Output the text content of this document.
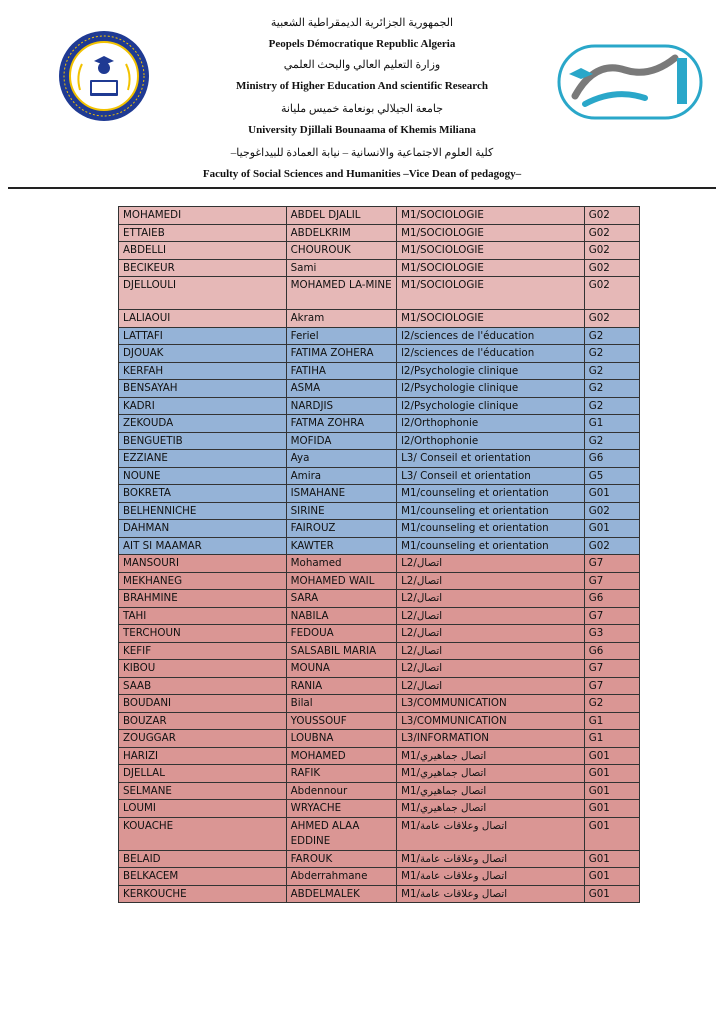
الجمهورية الجزائرية الديمقراطية الشعبية
Peopels Démocratique Republic Algeria
وزارة التعليم العالي والبحث العلمي
Ministry of Higher Education And scientific Research
جامعة الجيلالي بونعامة خميس مليانة
University Djillali Bounaama of Khemis Miliana
كلية العلوم الاجتماعية والانسانية – نيابة العمادة للبيداغوجيا–
Faculty of Social Sciences and Humanities –Vice Dean of pedagogy–
MOHAMEDI	ABDEL DJALIL	M1/SOCIOLOGIE	G02
ETTAIEB	ABDELKRIM	M1/SOCIOLOGIE	G02
ABDELLI	CHOUROUK	M1/SOCIOLOGIE	G02
BECIKEUR	Sami	M1/SOCIOLOGIE	G02
DJELLOULI	MOHAMED LA-MINE	M1/SOCIOLOGIE	G02
LALIAOUI	Akram	M1/SOCIOLOGIE	G02
LATTAFI	Feriel	l2/sciences de l'éducation	G2
DJOUAK	FATIMA ZOHERA	l2/sciences de l'éducation	G2
KERFAH	FATIHA	l2/Psychologie clinique	G2
BENSAYAH	ASMA	l2/Psychologie clinique	G2
KADRI	NARDJIS	l2/Psychologie clinique	G2
ZEKOUDA	FATMA ZOHRA	l2/Orthophonie	G1
BENGUETIB	MOFIDA	l2/Orthophonie	G2
EZZIANE	Aya	L3/ Conseil et orientation	G6
NOUNE	Amira	L3/ Conseil et orientation	G5
BOKRETA	ISMAHANE	M1/counseling et orientation	G01
BELHENNICHE	SIRINE	M1/counseling et orientation	G02
DAHMAN	FAIROUZ	M1/counseling et orientation	G01
AIT SI MAAMAR	KAWTER	M1/counseling et orientation	G02
MANSOURI	Mohamed	L2/اتصال	G7
MEKHANEG	MOHAMED WAIL	L2/اتصال	G7
BRAHMINE	SARA	L2/اتصال	G6
TAHI	NABILA	L2/اتصال	G7
TERCHOUN	FEDOUA	L2/اتصال	G3
KEFIF	SALSABIL MARIA	L2/اتصال	G6
KIBOU	MOUNA	L2/اتصال	G7
SAAB	RANIA	L2/اتصال	G7
BOUDANI	Bilal	L3/COMMUNICATION	G2
BOUZAR	YOUSSOUF	L3/COMMUNICATION	G1
ZOUGGAR	LOUBNA	L3/INFORMATION	G1
HARIZI	MOHAMED	M1/اتصال جماهيري	G01
DJELLAL	RAFIK	M1/اتصال جماهيري	G01
SELMANE	Abdennour	M1/اتصال جماهيري	G01
LOUMI	WRYACHE	M1/اتصال جماهيري	G01
KOUACHE	AHMED ALAA EDDINE	M1/اتصال وعلاقات عامة	G01
BELAID	FAROUK	M1/اتصال وعلاقات عامة	G01
BELKACEM	Abderrahmane	M1/اتصال وعلاقات عامة	G01
KERKOUCHE	ABDELMALEK	M1/اتصال وعلاقات عامة	G01
